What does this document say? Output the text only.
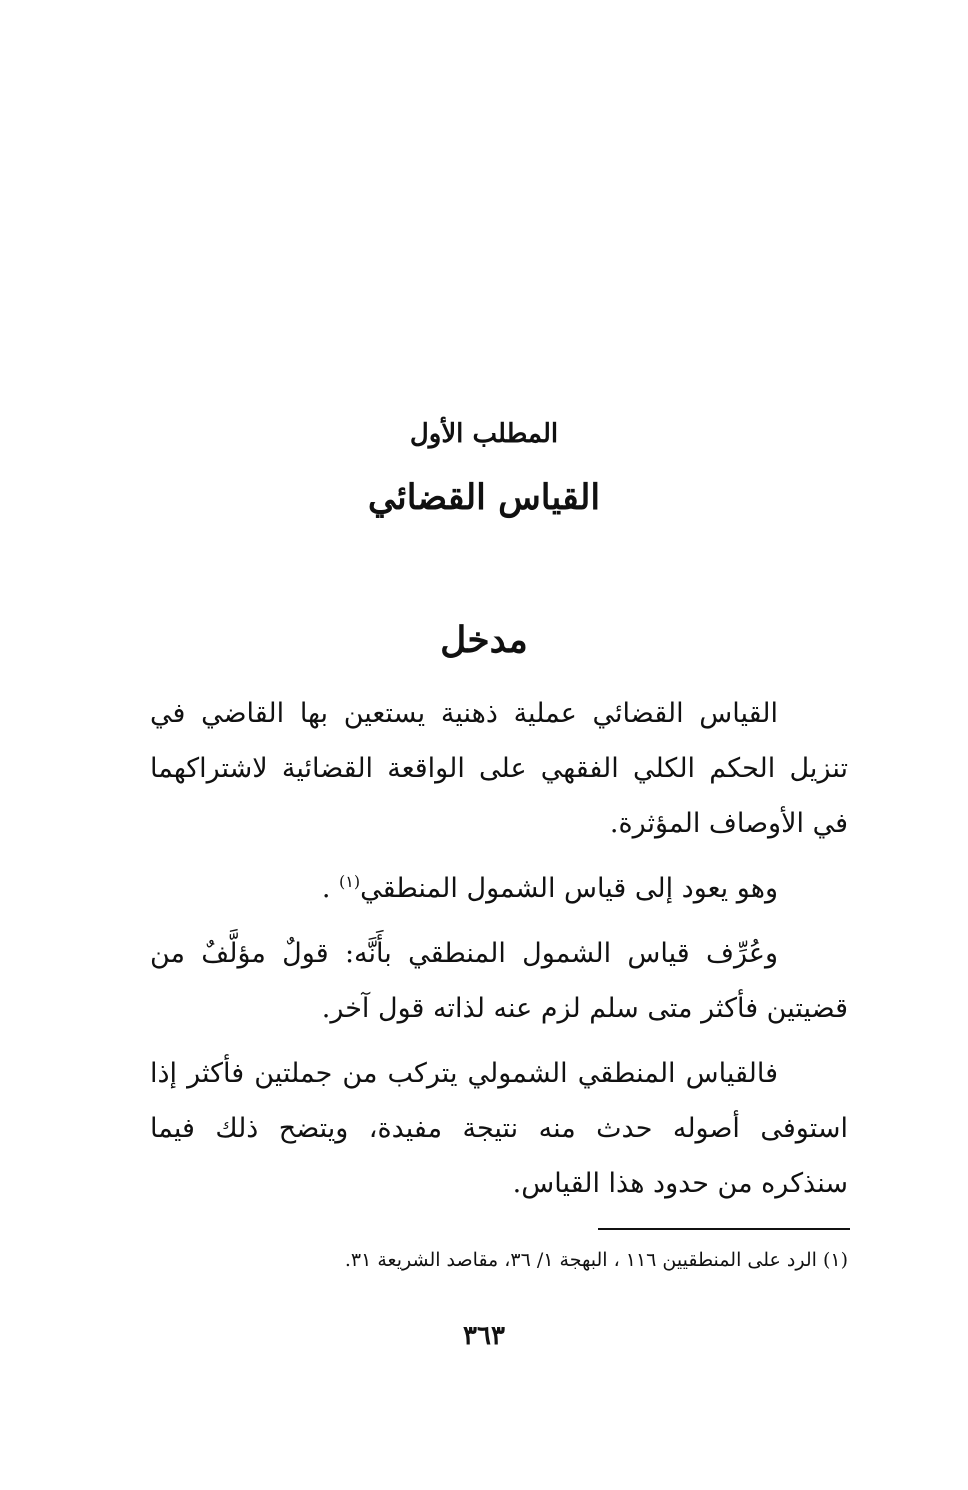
المطلب الأول
القياس القضائي
مدخل

القياس القضائي عملية ذهنية يستعين بها القاضي في تنزيل الحكم الكلي الفقهي على الواقعة القضائية لاشتراكهما في الأوصاف المؤثرة.

وهو يعود إلى قياس الشمول المنطقي$^{(١)}$ .

وعُرِّف قياس الشمول المنطقي بأَنَّه: قولٌ مؤلَّفٌ من قضيتين فأكثر متى سلم لزم عنه لذاته قول آخر.

فالقياس المنطقي الشمولي يتركب من جملتين فأكثر إذا استوفى أصوله حدث منه نتيجة مفيدة، ويتضح ذلك فيما سنذكره من حدود هذا القياس.

(١) الرد على المنطقيين ١١٦ ، البهجة ١/ ٣٦، مقاصد الشريعة ٣١.
٣٦٣
